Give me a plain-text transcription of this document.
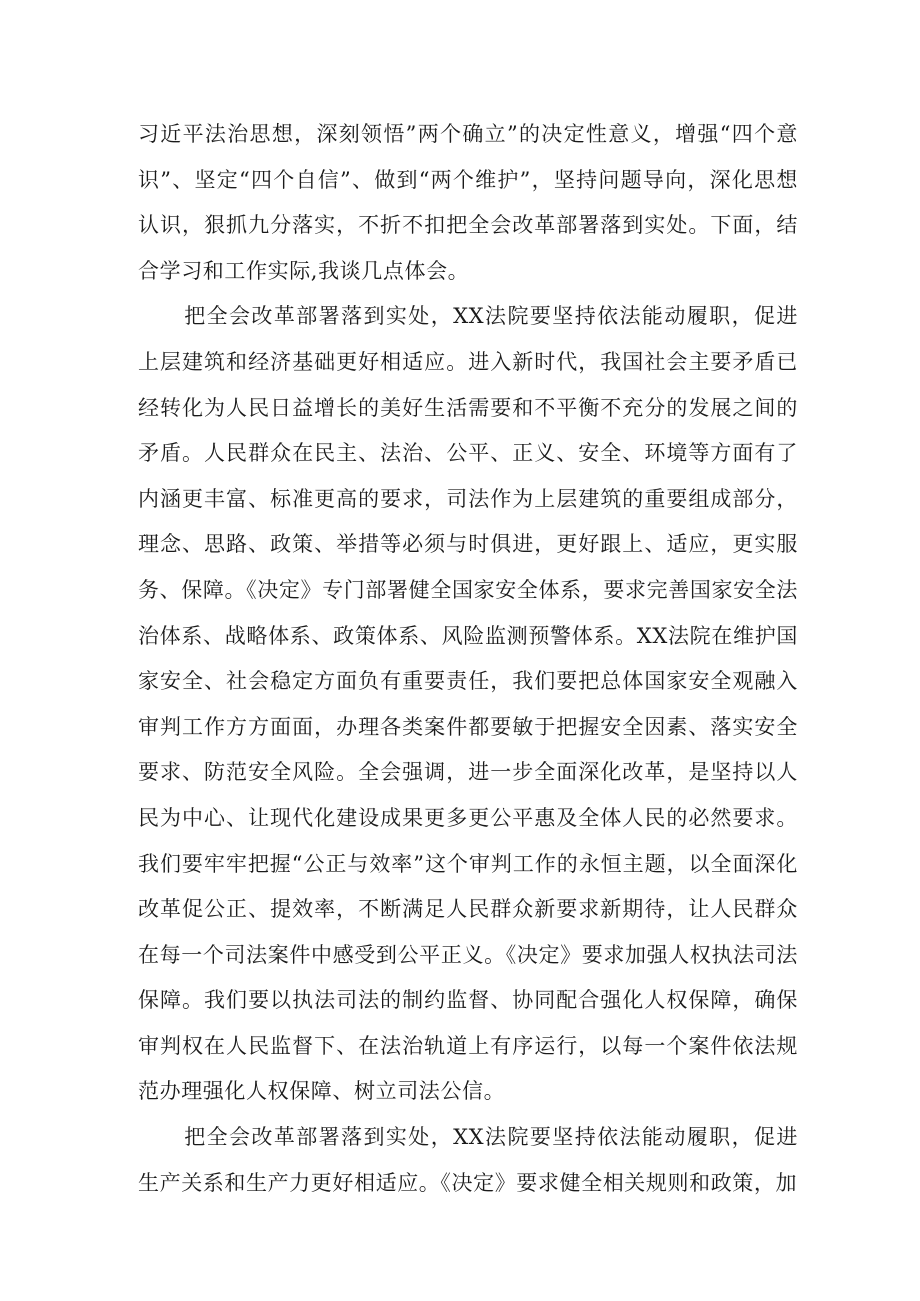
习近平法治思想，深刻领悟”两个确立”的决定性意义，增强“四个意识”、坚定“四个自信”、做到“两个维护”，坚持问题导向，深化思想认识，狠抓九分落实，不折不扣把全会改革部署落到实处。下面，结合学习和工作实际,我谈几点体会。

把全会改革部署落到实处，XX法院要坚持依法能动履职，促进上层建筑和经济基础更好相适应。进入新时代，我国社会主要矛盾已经转化为人民日益增长的美好生活需要和不平衡不充分的发展之间的矛盾。人民群众在民主、法治、公平、正义、安全、环境等方面有了内涵更丰富、标准更高的要求，司法作为上层建筑的重要组成部分，理念、思路、政策、举措等必须与时俱进，更好跟上、适应，更实服务、保障。《决定》专门部署健全国家安全体系，要求完善国家安全法治体系、战略体系、政策体系、风险监测预警体系。XX法院在维护国家安全、社会稳定方面负有重要责任，我们要把总体国家安全观融入审判工作方方面面，办理各类案件都要敏于把握安全因素、落实安全要求、防范安全风险。全会强调，进一步全面深化改革，是坚持以人民为中心、让现代化建设成果更多更公平惠及全体人民的必然要求。我们要牢牢把握“公正与效率”这个审判工作的永恒主题，以全面深化改革促公正、提效率，不断满足人民群众新要求新期待，让人民群众在每一个司法案件中感受到公平正义。《决定》要求加强人权执法司法保障。我们要以执法司法的制约监督、协同配合强化人权保障，确保审判权在人民监督下、在法治轨道上有序运行，以每一个案件依法规范办理强化人权保障、树立司法公信。

把全会改革部署落到实处，XX法院要坚持依法能动履职，促进生产关系和生产力更好相适应。《决定》要求健全相关规则和政策，加
